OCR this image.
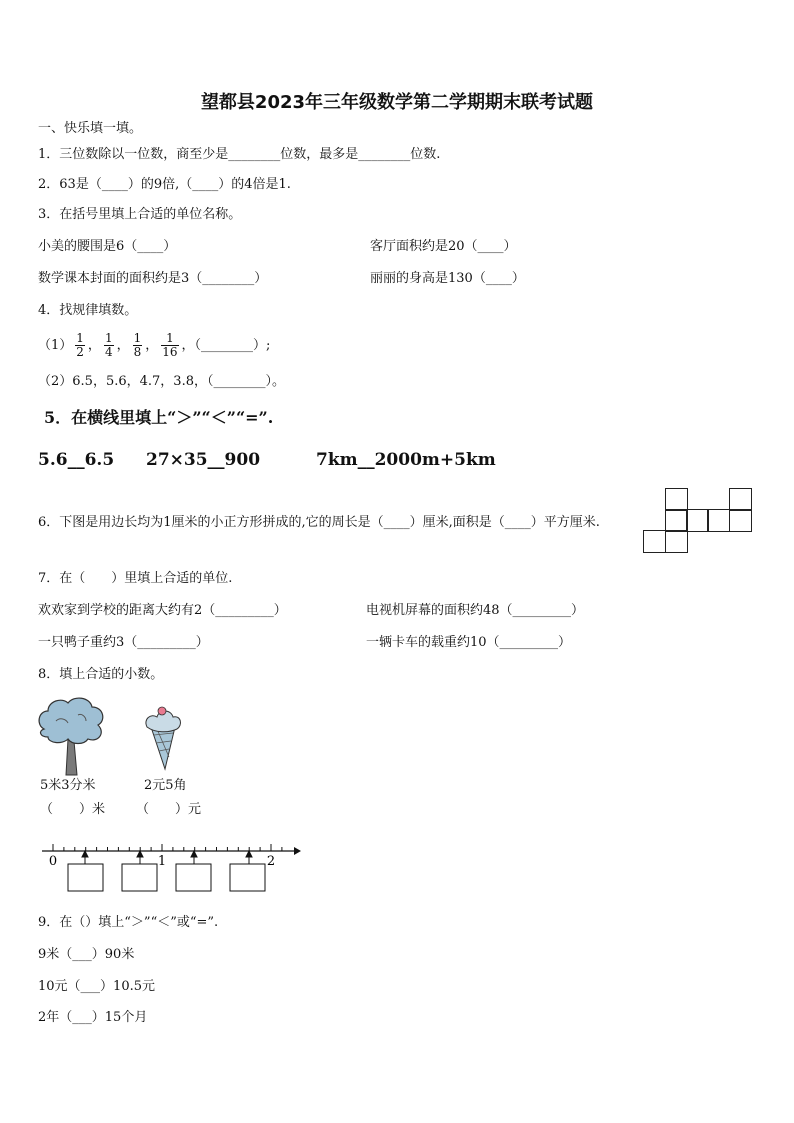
望都县2023年三年级数学第二学期期末联考试题
一、快乐填一填。
1．三位数除以一位数，商至少是________位数，最多是________位数.
2．63是（____）的9倍,（____）的4倍是1.
3．在括号里填上合适的单位名称。
小美的腰围是6（____）	客厅面积约是20（____）
数学课本封面的面积约是3（________）	丽丽的身高是130（____）
4．找规律填数。
$(1) \frac{1}{2}$ ， $\frac{1}{4}$ ， $\frac{1}{8}$ ， $\frac{1}{16}$ ，（________）;
（2）6.5，5.6，4.7，3.8，（________）。
5．在横线里填上“＞”“＜”“=”.
5.6__6.5 27×35__900	7km__2000m+5km
6．下图是用边长均为1厘米的小正方形拼成的,它的周长是（____）厘米,面积是（____）平方厘米.
7．在（　　）里填上合适的单位.
欢欢家到学校的距离大约有2（_________）	电视机屏幕的面积约48（_________）
一只鸭子重约3（_________）	一辆卡车的载重约10（_________）
8．填上合适的小数。
5米3分米	2元5角
（　　）米 （　　）元
0	1	2
9．在（）填上“＞”“＜”或“=”.
9米（___）90米
10元（___）10.5元
2年（___）15个月
